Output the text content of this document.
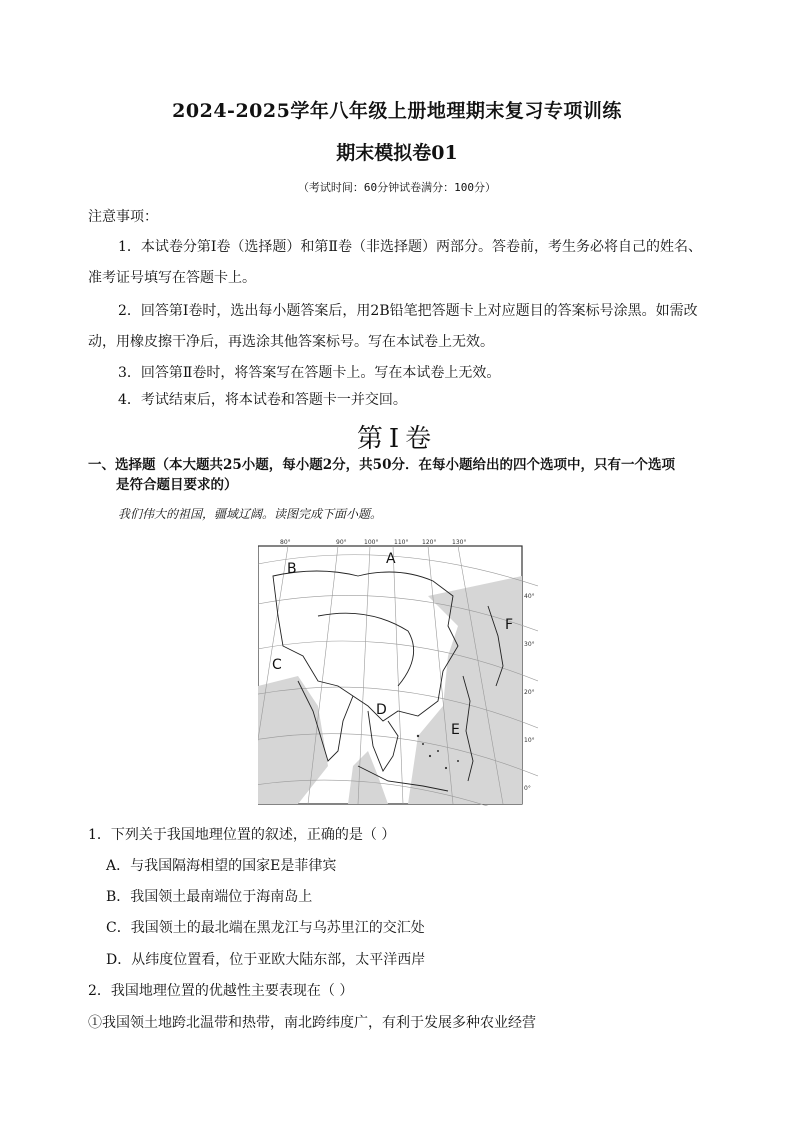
2024-2025学年八年级上册地理期末复习专项训练
期末模拟卷01
（考试时间：60分钟试卷满分：100分）
注意事项：
1．本试卷分第Ⅰ卷（选择题）和第Ⅱ卷（非选择题）两部分。答卷前，考生务必将自己的姓名、
准考证号填写在答题卡上。
2．回答第Ⅰ卷时，选出每小题答案后，用2B铅笔把答题卡上对应题目的答案标号涂黑。如需改
动，用橡皮擦干净后，再选涂其他答案标号。写在本试卷上无效。
3．回答第Ⅱ卷时，将答案写在答题卡上。写在本试卷上无效。
4．考试结束后，将本试卷和答题卡一并交回。
第Ⅰ卷
一、选择题（本大题共25小题，每小题2分，共50分．在每小题给出的四个选项中，只有一个选项
是符合题目要求的）
我们伟大的祖国，疆域辽阔。读图完成下面小题。
80°	90°	100°	110° 120°	130°
40°
30°
20°
10°
0°
A
B
C
D
E
F
1．下列关于我国地理位置的叙述，正确的是（ ）
A．与我国隔海相望的国家E是菲律宾
B．我国领土最南端位于海南岛上
C．我国领土的最北端在黑龙江与乌苏里江的交汇处
D．从纬度位置看，位于亚欧大陆东部，太平洋西岸
2．我国地理位置的优越性主要表现在（ ）
①我国领土地跨北温带和热带，南北跨纬度广，有利于发展多种农业经营
